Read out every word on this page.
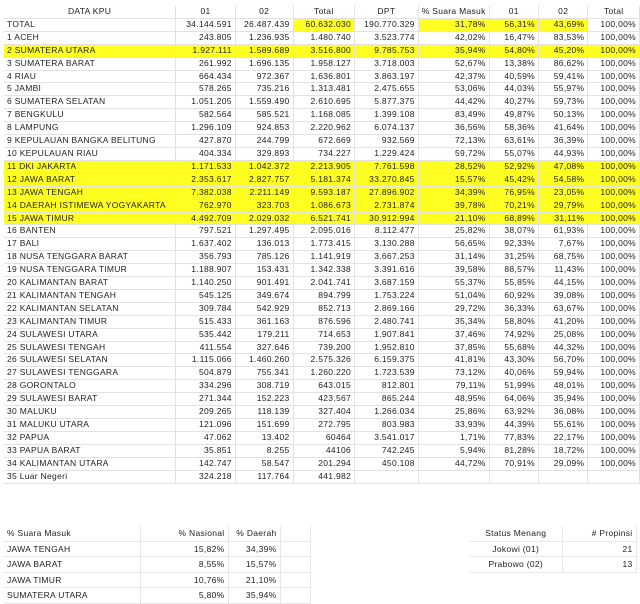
DATA KPU	01	02	Total	DPT	% Suara Masuk	01	02	Total
TOTAL	34.144.591	26.487.439	60.632.030	190.770.329	31,78%	56,31%	43,69%	100,00%
1 ACEH	243.805	1.236.935	1.480.740	3.523.774	42,02%	16,47%	83,53%	100,00%
2 SUMATERA UTARA	1.927.111	1.589.689	3.516.800	9.785.753	35,94%	54,80%	45,20%	100,00%
3 SUMATERA BARAT	261.992	1.696.135	1.958.127	3.718.003	52,67%	13,38%	86,62%	100,00%
4 RIAU	664.434	972.367	1.636.801	3.863.197	42,37%	40,59%	59,41%	100,00%
5 JAMBI	578.265	735.216	1.313.481	2.475.655	53,06%	44,03%	55,97%	100,00%
6 SUMATERA SELATAN	1.051.205	1.559.490	2.610.695	5.877.375	44,42%	40,27%	59,73%	100,00%
7 BENGKULU	582.564	585.521	1.168.085	1.399.108	83,49%	49,87%	50,13%	100,00%
8 LAMPUNG	1.296.109	924.853	2.220.962	6.074.137	36,56%	58,36%	41,64%	100,00%
9 KEPULAUAN BANGKA BELITUNG	427.870	244.799	672.669	932.569	72,13%	63,61%	36,39%	100,00%
10 KEPULAUAN RIAU	404.334	329.893	734.227	1.229.424	59,72%	55,07%	44,93%	100,00%
11 DKI JAKARTA	1.171.533	1.042.372	2.213.905	7.761.598	28,52%	52,92%	47,08%	100,00%
12 JAWA BARAT	2.353.617	2.827.757	5.181.374	33.270.845	15,57%	45,42%	54,58%	100,00%
13 JAWA TENGAH	7.382.038	2.211.149	9.593.187	27.896.902	34,39%	76,95%	23,05%	100,00%
14 DAERAH ISTIMEWA YOGYAKARTA	762.970	323.703	1.086.673	2.731.874	39,78%	70,21%	29,79%	100,00%
15 JAWA TIMUR	4.492.709	2.029.032	6.521.741	30.912.994	21,10%	68,89%	31,11%	100,00%
16 BANTEN	797.521	1.297.495	2.095.016	8.112.477	25,82%	38,07%	61,93%	100,00%
17 BALI	1.637.402	136.013	1.773.415	3.130.288	56,65%	92,33%	7,67%	100,00%
18 NUSA TENGGARA BARAT	356.793	785.126	1.141.919	3.667.253	31,14%	31,25%	68,75%	100,00%
19 NUSA TENGGARA TIMUR	1.188.907	153.431	1.342.338	3.391.616	39,58%	88,57%	11,43%	100,00%
20 KALIMANTAN BARAT	1.140.250	901.491	2.041.741	3.687.159	55,37%	55,85%	44,15%	100,00%
21 KALIMANTAN TENGAH	545.125	349.674	894.799	1.753.224	51,04%	60,92%	39,08%	100,00%
22 KALIMANTAN SELATAN	309.784	542.929	852.713	2.869.166	29,72%	36,33%	63,67%	100,00%
23 KALIMANTAN TIMUR	515.433	361.163	876.596	2.480.741	35,34%	58,80%	41,20%	100,00%
24 SULAWESI UTARA	535.442	179.211	714.653	1.907.841	37,46%	74,92%	25,08%	100,00%
25 SULAWESI TENGAH	411.554	327.646	739.200	1.952.810	37,85%	55,68%	44,32%	100,00%
26 SULAWESI SELATAN	1.115.066	1.460.260	2.575.326	6.159.375	41,81%	43,30%	56,70%	100,00%
27 SULAWESI TENGGARA	504.879	755.341	1.260.220	1.723.539	73,12%	40,06%	59,94%	100,00%
28 GORONTALO	334.296	308.719	643.015	812.801	79,11%	51,99%	48,01%	100,00%
29 SULAWESI BARAT	271.344	152.223	423.567	865.244	48,95%	64,06%	35,94%	100,00%
30 MALUKU	209.265	118.139	327.404	1.266.034	25,86%	63,92%	36,08%	100,00%
31 MALUKU UTARA	121.096	151.699	272.795	803.983	33,93%	44,39%	55,61%	100,00%
32 PAPUA	47.062	13.402	60464	3.541.017	1,71%	77,83%	22,17%	100,00%
33 PAPUA BARAT	35.851	8.255	44106	742.245	5,94%	81,28%	18,72%	100,00%
34 KALIMANTAN UTARA	142.747	58.547	201.294	450.108	44,72%	70,91%	29,09%	100,00%
35 Luar Negeri	324.218	117.764	441.982					
% Suara Masuk	% Nasional	% Daerah	
JAWA TENGAH	15,82%	34,39%	
JAWA BARAT	8,55%	15,57%	
JAWA TIMUR	10,76%	21,10%	
SUMATERA UTARA	5,80%	35,94%	
Status Menang	# Propinsi
Jokowi (01)	21
Prabowo (02)	13
